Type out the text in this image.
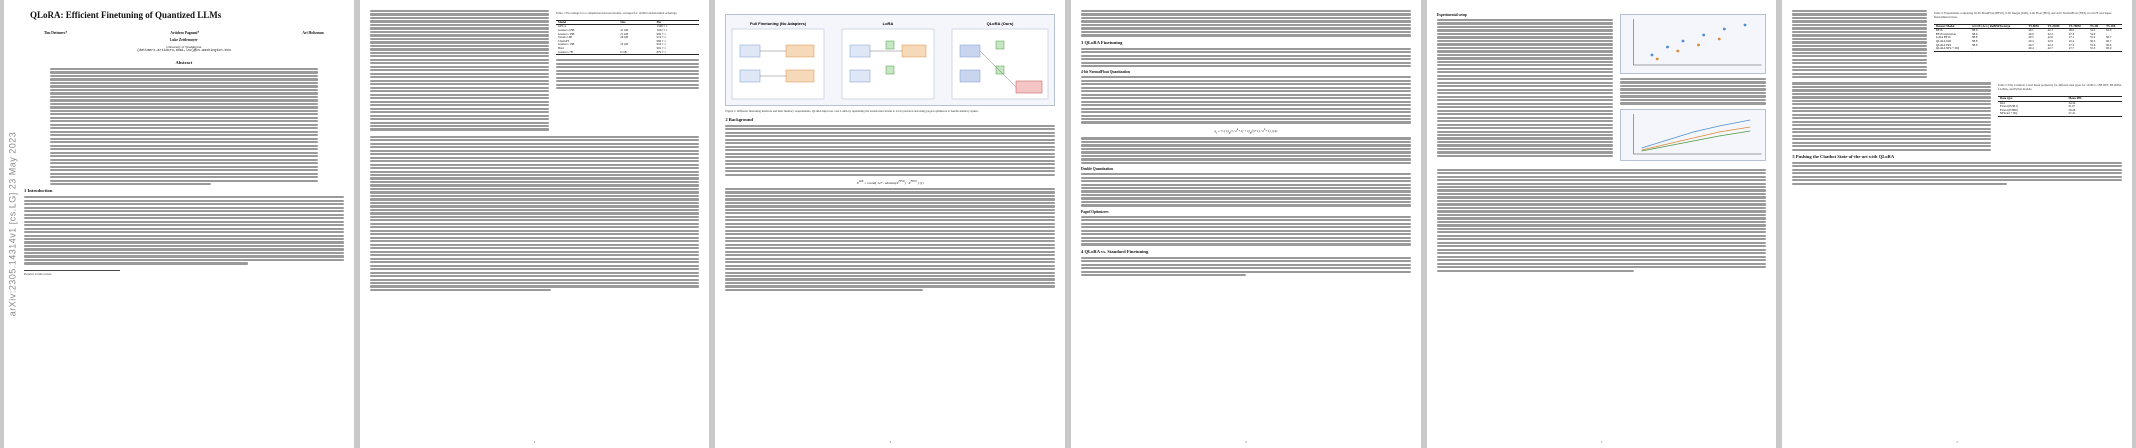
arXiv:2305.14314v1 [cs.LG] 23 May 2023
QLoRA: Efficient Finetuning of Quantized LLMs
Tim Dettmers*	Artidoro Pagnoni*	Ari Holtzman
Luke Zettlemoyer
University of Washington
{dettmers,artidoro,ahai,lsz}@cs.washington.edu
Abstract
1 Introduction
Preprint. Under review.
Table 1: Elo ratings for a competition between models, averaged for 10,000 random initial orderings.
Model	Size	Elo
GPT-4	-	1348 ± 1
Guanaco 65B	41 GB	1022 ± 1
Guanaco 33B	21 GB	992 ± 1
Vicuna 13B	26 GB	974 ± 1
ChatGPT	-	966 ± 1
Guanaco 13B	10 GB	916 ± 1
Bard	-	902 ± 1
Guanaco 7B	6 GB	879 ± 1
2
Full Finetuning (No Adapters)	LoRA	QLoRA (Ours)
Figure 1: Different finetuning methods and their memory requirements. QLoRA improves over LoRA by quantizing the transformer model to 4-bit precision and using paged optimizers to handle memory spikes.
2 Background
$X^{Int8}$ = round( $127 / absmax(X^{FP32}) \cdot X^{FP32}$ ) (1)
3
3 QLoRA Finetuning
4-bit NormalFloat Quantization
$q_i$ = ½ ( $Q_X(i / 2^k+1) + Q_X((i+1) / 2^k+1)$ ) (4)
Double Quantization
Paged Optimizers
4 QLoRA vs. Standard Finetuning
4
Experimental setup
5
Table 3: Experiments comparing 16-bit BrainFloat (BF16), 8-bit Integer (Int8), 4-bit Float (FP4), and 4-bit NormalFloat (NF4) on GLUE and Super-NaturalInstructions.
Dataset Model	GLUE (Acc.) RoBERTa-large	T5-80M	T5-250M	T5-780M	T5-3B	T5-11B
BF16	88.6	40.1	42.1	48.0	54.3	62.0
BF16 replication	88.6	40.0	42.2	47.3	54.9	-
LoRA BF16	88.8	40.5	42.6	47.1	55.4	60.7
QLoRA Int8	88.8	40.4	42.9	45.4	56.5	60.7
QLoRA FP4	88.6	40.3	42.4	47.5	55.6	60.9
QLoRA NF4 + DQ	-	40.4	42.7	47.7	55.3	60.9
Table 2: Pile Common Crawl mean perplexity for different data types for 125M to 13B OPT, BLOOM, LLaMA, and Pythia models.
Data type	Mean PPL
Int4	34.34
Float4 (E2M1)	31.07
Float4 (E3M0)	29.48
NFloat4 + DQ	27.41
5 Pushing the Chatbot State-of-the-art with QLoRA
5
